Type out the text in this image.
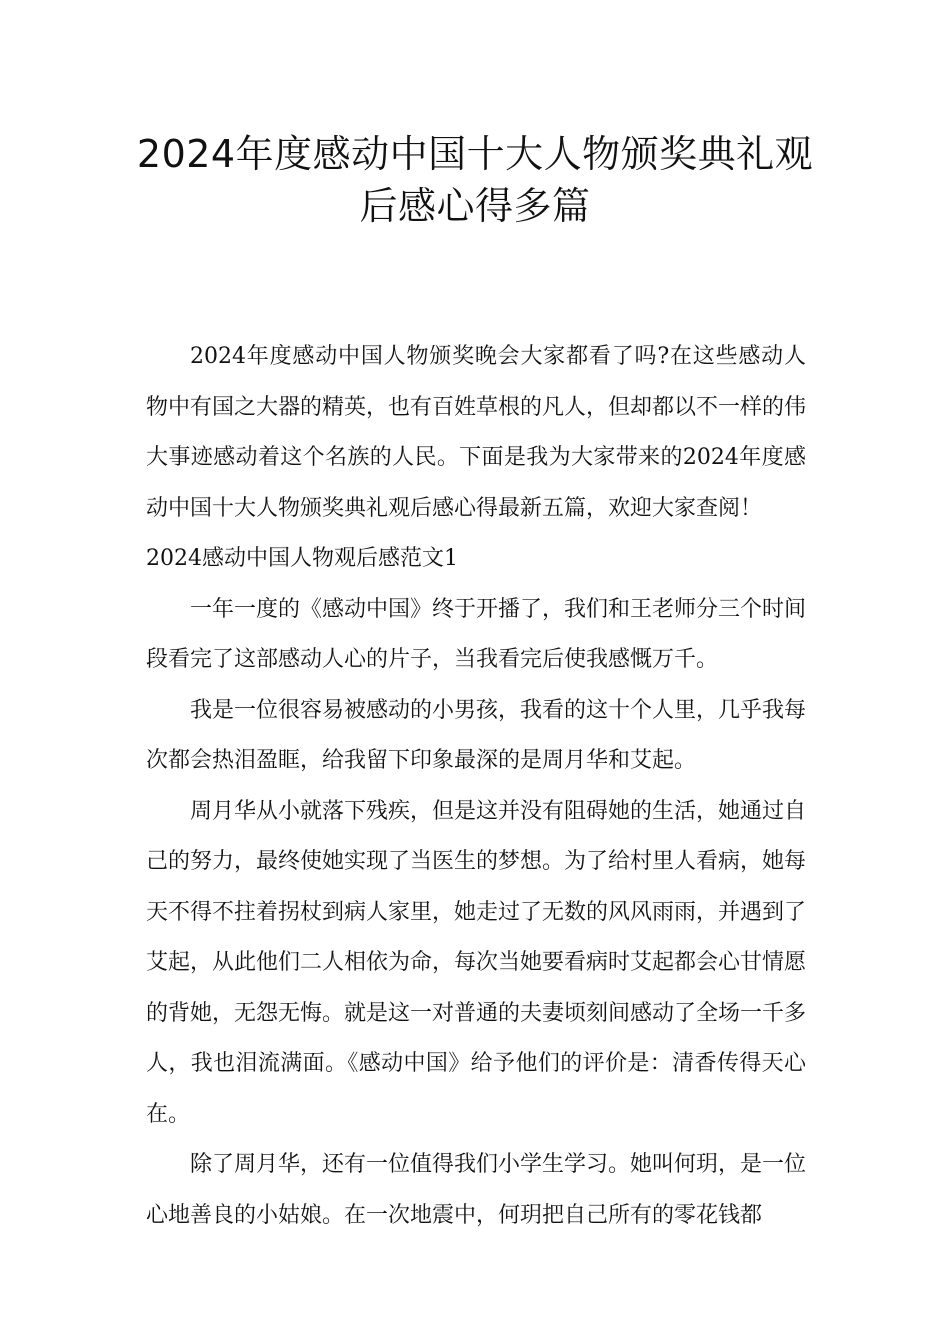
2024年度感动中国十大人物颁奖典礼观
后感心得多篇

2024年度感动中国人物颁奖晚会大家都看了吗?在这些感动人物中有国之大器的精英，也有百姓草根的凡人，但却都以不一样的伟大事迹感动着这个名族的人民。下面是我为大家带来的2024年度感动中国十大人物颁奖典礼观后感心得最新五篇，欢迎大家查阅！

2024感动中国人物观后感范文1

一年一度的《感动中国》终于开播了，我们和王老师分三个时间段看完了这部感动人心的片子，当我看完后使我感慨万千。

我是一位很容易被感动的小男孩，我看的这十个人里，几乎我每次都会热泪盈眶，给我留下印象最深的是周月华和艾起。

周月华从小就落下残疾，但是这并没有阻碍她的生活，她通过自己的努力，最终使她实现了当医生的梦想。为了给村里人看病，她每天不得不拄着拐杖到病人家里，她走过了无数的风风雨雨，并遇到了艾起，从此他们二人相依为命，每次当她要看病时艾起都会心甘情愿的背她，无怨无悔。就是这一对普通的夫妻顷刻间感动了全场一千多人，我也泪流满面。《感动中国》给予他们的评价是：清香传得天心在。

除了周月华，还有一位值得我们小学生学习。她叫何玥，是一位心地善良的小姑娘。在一次地震中，何玥把自己所有的零花钱都
